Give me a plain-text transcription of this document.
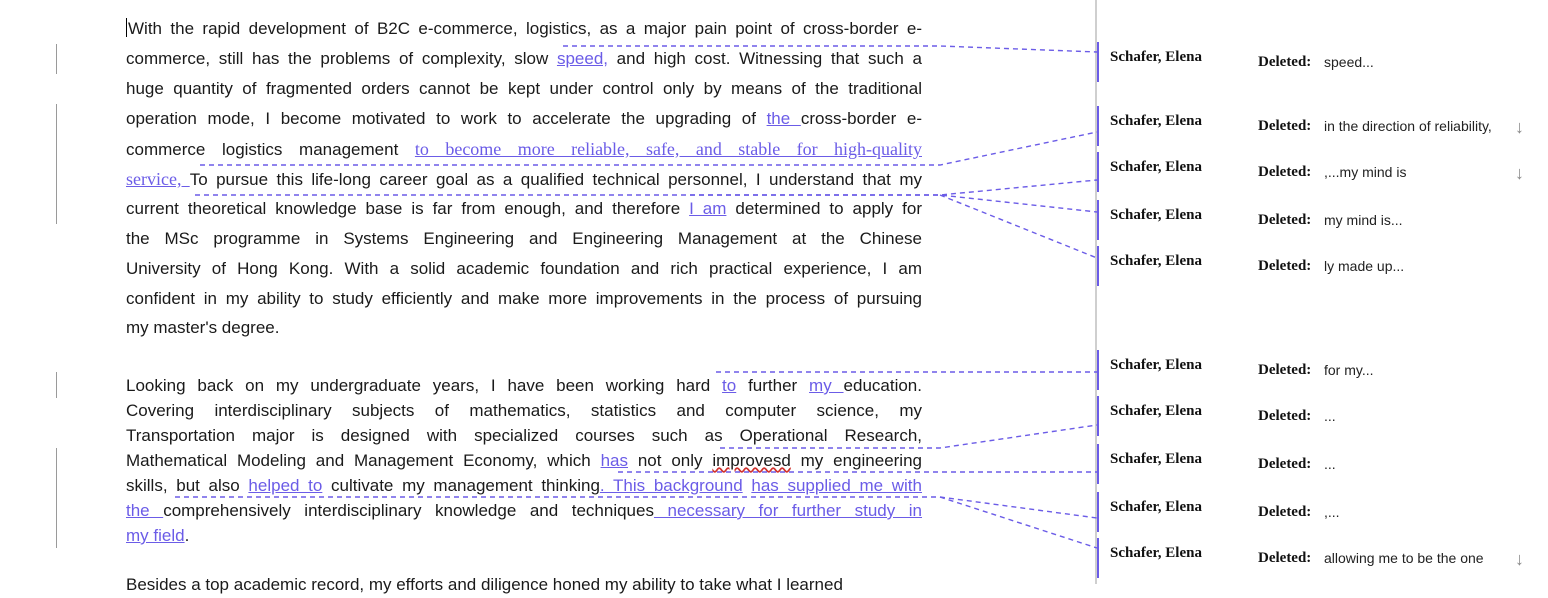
With the rapid development of B2C e-commerce, logistics, as a major pain point of cross-border e-
commerce, still has the problems of complexity, slow speed, and high cost. Witnessing that such a
huge quantity of fragmented orders cannot be kept under control only by means of the traditional
operation mode, I become motivated to work to accelerate the upgrading of the cross-border e-
commerce logistics management to become more reliable, safe, and stable for high-quality
service, To pursue this life-long career goal as a qualified technical personnel, I understand that my
current theoretical knowledge base is far from enough, and therefore I am determined to apply for
the MSc programme in Systems Engineering and Engineering Management at the Chinese
University of Hong Kong. With a solid academic foundation and rich practical experience, I am
confident in my ability to study efficiently and make more improvements in the process of pursuing
my master's degree.
Looking back on my undergraduate years, I have been working hard to further my education.
Covering interdisciplinary subjects of mathematics, statistics and computer science, my
Transportation major is designed with specialized courses such as Operational Research,
Mathematical Modeling and Management Economy, which has not only improvesd my engineering
skills, but also helped to cultivate my management thinking. This background has supplied me with
the comprehensively interdisciplinary knowledge and techniques necessary for further study in
my field.
Besides a top academic record, my efforts and diligence honed my ability to take what I learned
Schafer, Elena	Deleted: speed...
Schafer, Elena	Deleted: in the direction of reliability, ↓
Schafer, Elena	Deleted: ,...my mind is	↓
Schafer, Elena	Deleted: my mind is...
Schafer, Elena	Deleted: ly made up...
Schafer, Elena	Deleted: for my...
Schafer, Elena	Deleted: ...
Schafer, Elena	Deleted: ...
Schafer, Elena	Deleted: ,...
Schafer, Elena	Deleted: allowing me to be the one ↓
